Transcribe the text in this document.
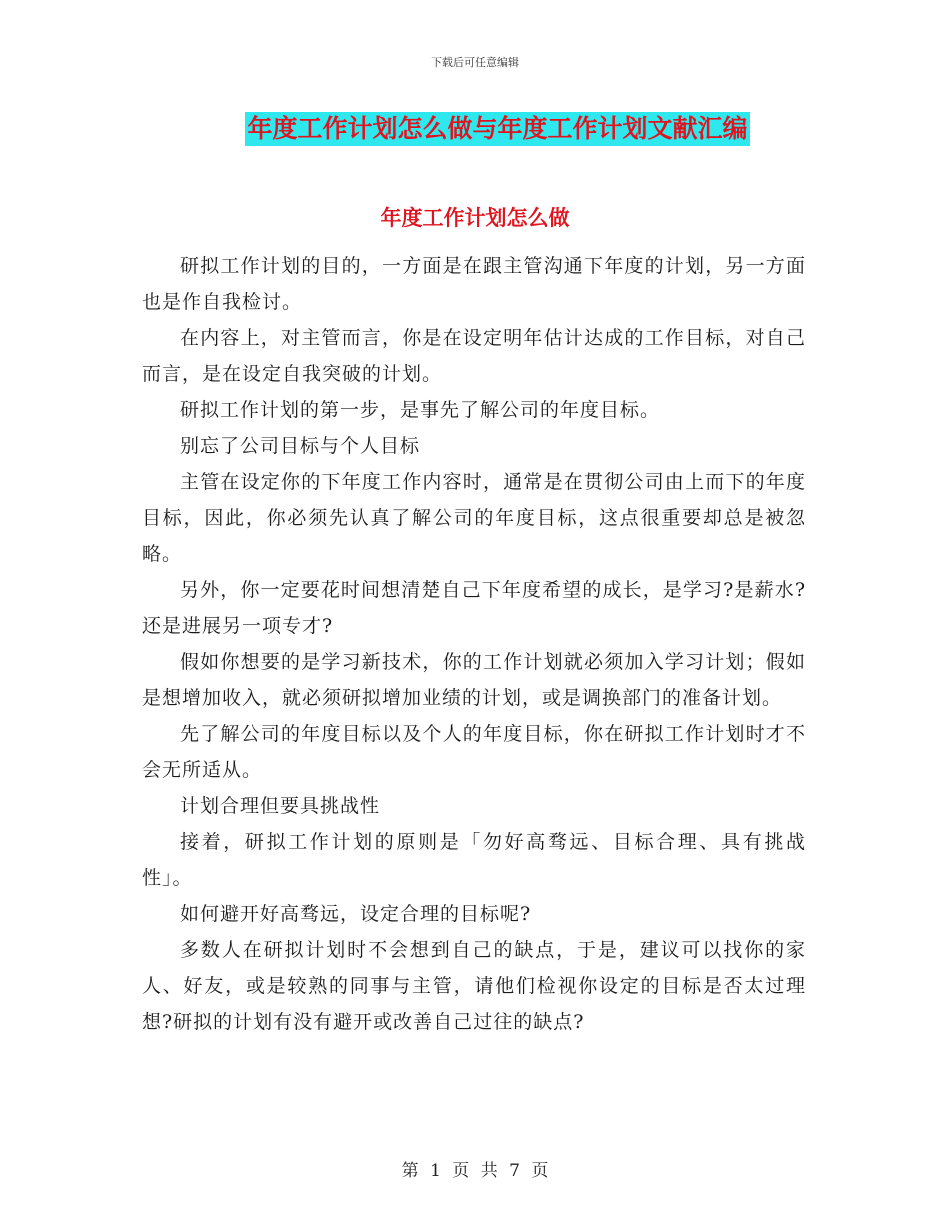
下载后可任意编辑
年度工作计划怎么做与年度工作计划文献汇编
年度工作计划怎么做

研拟工作计划的目的，一方面是在跟主管沟通下年度的计划，另一方面也是作自我检讨。

在内容上，对主管而言，你是在设定明年估计达成的工作目标，对自己而言，是在设定自我突破的计划。

研拟工作计划的第一步，是事先了解公司的年度目标。

别忘了公司目标与个人目标

主管在设定你的下年度工作内容时，通常是在贯彻公司由上而下的年度目标，因此，你必须先认真了解公司的年度目标，这点很重要却总是被忽略。

另外，你一定要花时间想清楚自己下年度希望的成长，是学习?是薪水?还是进展另一项专才?

假如你想要的是学习新技术，你的工作计划就必须加入学习计划；假如是想增加收入，就必须研拟增加业绩的计划，或是调换部门的准备计划。

先了解公司的年度目标以及个人的年度目标，你在研拟工作计划时才不会无所适从。

计划合理但要具挑战性

接着，研拟工作计划的原则是「勿好高骛远、目标合理、具有挑战性」。

如何避开好高骛远，设定合理的目标呢?

多数人在研拟计划时不会想到自己的缺点，于是，建议可以找你的家人、好友，或是较熟的同事与主管，请他们检视你设定的目标是否太过理想?研拟的计划有没有避开或改善自己过往的缺点?

第 1 页 共 7 页
